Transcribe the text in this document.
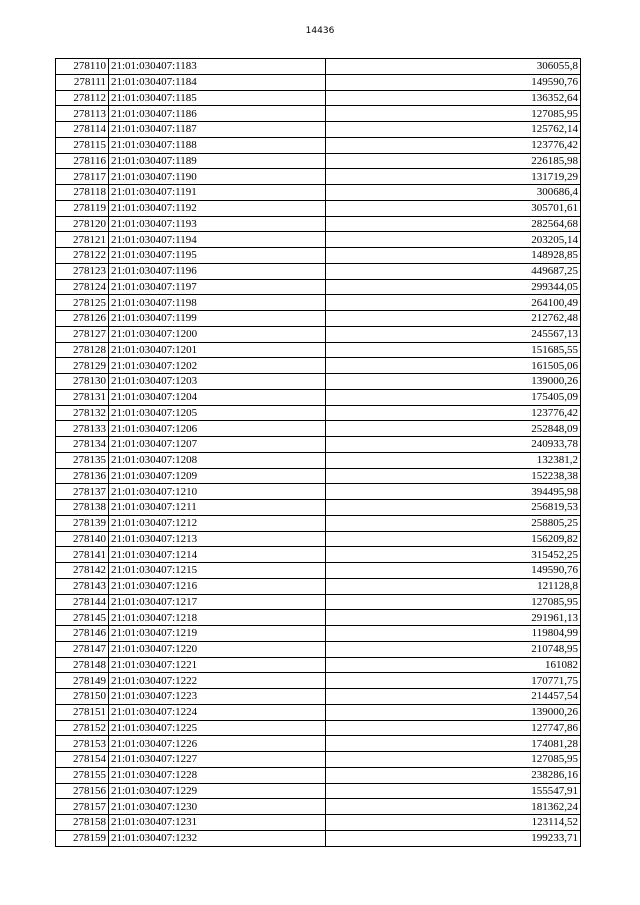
14436
278110	21:01:030407:1183	306055,8
278111	21:01:030407:1184	149590,76
278112	21:01:030407:1185	136352,64
278113	21:01:030407:1186	127085,95
278114	21:01:030407:1187	125762,14
278115	21:01:030407:1188	123776,42
278116	21:01:030407:1189	226185,98
278117	21:01:030407:1190	131719,29
278118	21:01:030407:1191	300686,4
278119	21:01:030407:1192	305701,61
278120	21:01:030407:1193	282564,68
278121	21:01:030407:1194	203205,14
278122	21:01:030407:1195	148928,85
278123	21:01:030407:1196	449687,25
278124	21:01:030407:1197	299344,05
278125	21:01:030407:1198	264100,49
278126	21:01:030407:1199	212762,48
278127	21:01:030407:1200	245567,13
278128	21:01:030407:1201	151685,55
278129	21:01:030407:1202	161505,06
278130	21:01:030407:1203	139000,26
278131	21:01:030407:1204	175405,09
278132	21:01:030407:1205	123776,42
278133	21:01:030407:1206	252848,09
278134	21:01:030407:1207	240933,78
278135	21:01:030407:1208	132381,2
278136	21:01:030407:1209	152238,38
278137	21:01:030407:1210	394495,98
278138	21:01:030407:1211	256819,53
278139	21:01:030407:1212	258805,25
278140	21:01:030407:1213	156209,82
278141	21:01:030407:1214	315452,25
278142	21:01:030407:1215	149590,76
278143	21:01:030407:1216	121128,8
278144	21:01:030407:1217	127085,95
278145	21:01:030407:1218	291961,13
278146	21:01:030407:1219	119804,99
278147	21:01:030407:1220	210748,95
278148	21:01:030407:1221	161082
278149	21:01:030407:1222	170771,75
278150	21:01:030407:1223	214457,54
278151	21:01:030407:1224	139000,26
278152	21:01:030407:1225	127747,86
278153	21:01:030407:1226	174081,28
278154	21:01:030407:1227	127085,95
278155	21:01:030407:1228	238286,16
278156	21:01:030407:1229	155547,91
278157	21:01:030407:1230	181362,24
278158	21:01:030407:1231	123114,52
278159	21:01:030407:1232	199233,71
